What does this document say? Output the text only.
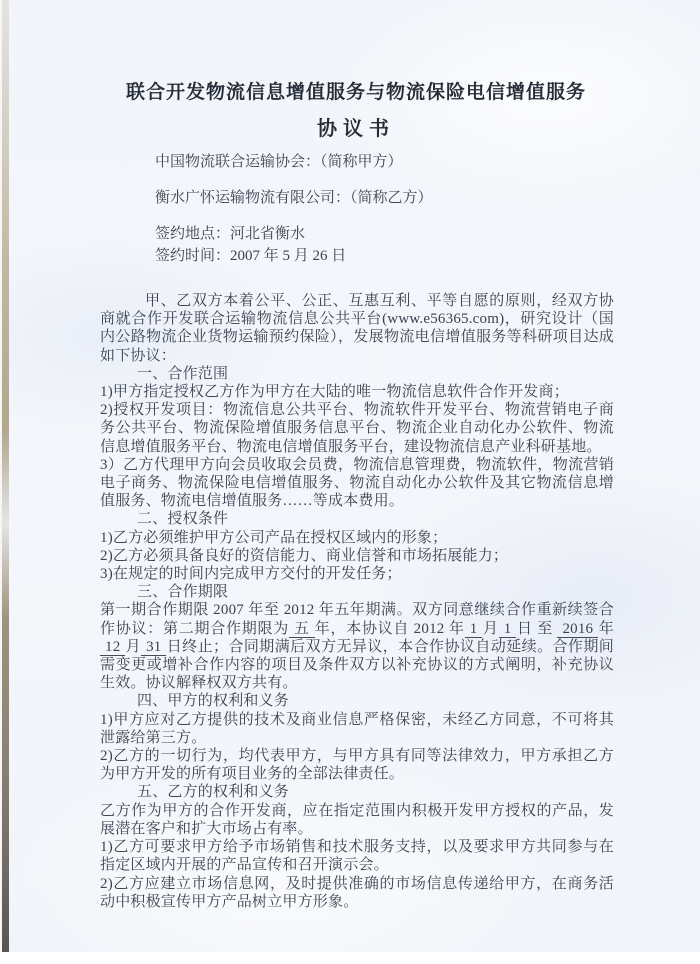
联合开发物流信息增值服务与物流保险电信增值服务
协议书

中国物流联合运输协会：（简称甲方）

衡水广怀运输物流有限公司：（简称乙方）

签约地点：河北省衡水

签约时间：2007 年 5 月 26 日

甲、乙双方本着公平、公正、互惠互利、平等自愿的原则，经双方协商就合作开发联合运输物流信息公共平台(www.e56365.com)，研究设计（国内公路物流企业货物运输预约保险），发展物流电信增值服务等科研项目达成如下协议：

一、合作范围

1)甲方指定授权乙方作为甲方在大陆的唯一物流信息软件合作开发商；

2)授权开发项目：物流信息公共平台、物流软件开发平台、物流营销电子商务公共平台、物流保险增值服务信息平台、物流企业自动化办公软件、物流信息增值服务平台、物流电信增值服务平台，建设物流信息产业科研基地。

3）乙方代理甲方向会员收取会员费，物流信息管理费，物流软件，物流营销电子商务、物流保险电信增值服务、物流自动化办公软件及其它物流信息增值服务、物流电信增值服务……等成本费用。

二、授权条件

1)乙方必须维护甲方公司产品在授权区域内的形象；

2)乙方必须具备良好的资信能力、商业信誉和市场拓展能力；

3)在规定的时间内完成甲方交付的开发任务；

三、合作期限

第一期合作期限 2007 年至 2012 年五年期满。双方同意继续合作重新续签合作协议：第二期合作期限为 五 年，本协议自 2012 年 1 月 1 日 至 2016 年12 月 31 日终止；合同期满后双方无异议，本合作协议自动延续。合作期间需变更或增补合作内容的项目及条件双方以补充协议的方式阐明，补充协议生效。协议解释权双方共有。

四、甲方的权利和义务

1)甲方应对乙方提供的技术及商业信息严格保密，未经乙方同意，不可将其泄露给第三方。

2)乙方的一切行为，均代表甲方，与甲方具有同等法律效力，甲方承担乙方为甲方开发的所有项目业务的全部法律责任。

五、乙方的权利和义务

乙方作为甲方的合作开发商，应在指定范围内积极开发甲方授权的产品，发展潜在客户和扩大市场占有率。

1)乙方可要求甲方给予市场销售和技术服务支持，以及要求甲方共同参与在指定区域内开展的产品宣传和召开演示会。

2)乙方应建立市场信息网，及时提供准确的市场信息传递给甲方，在商务活动中积极宣传甲方产品树立甲方形象。
